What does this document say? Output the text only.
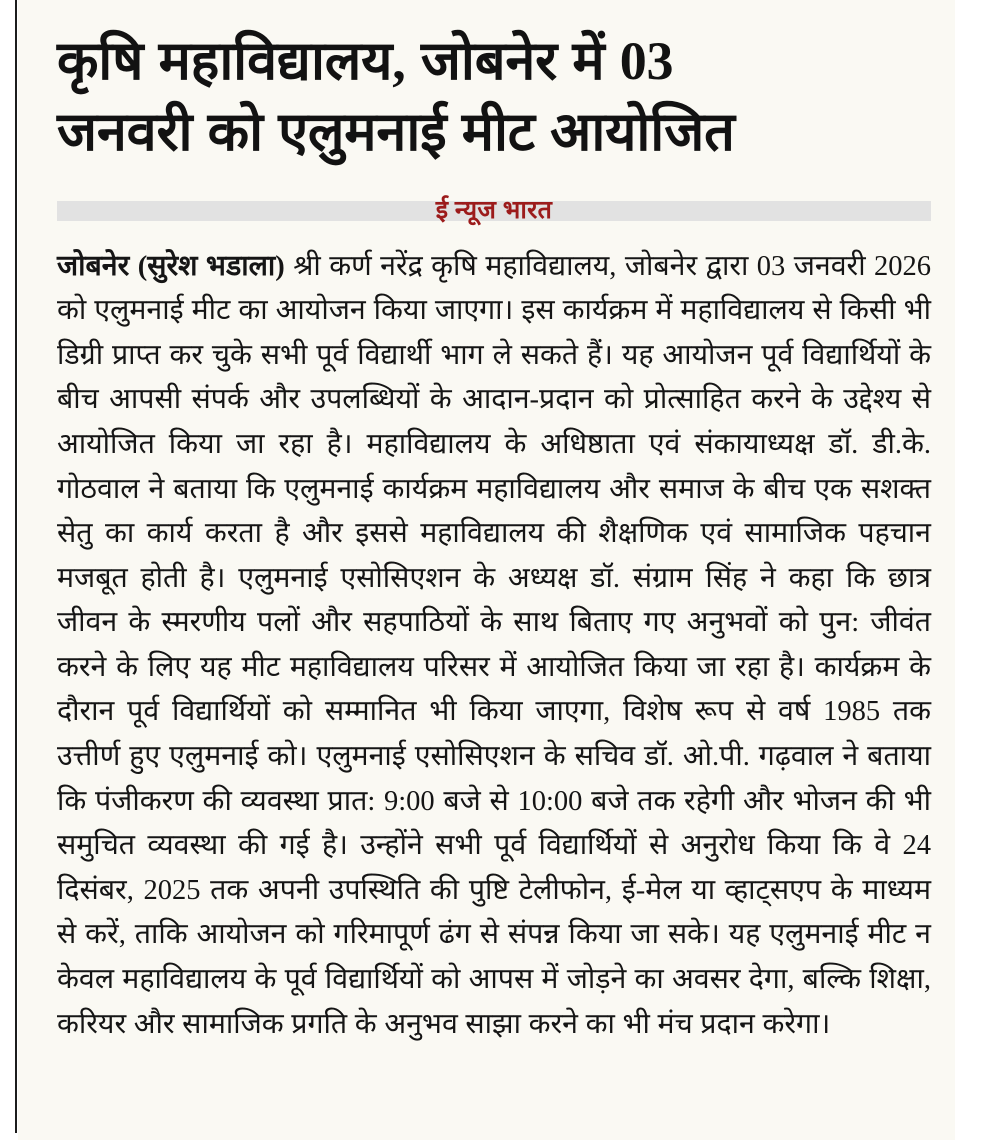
कृषि महाविद्यालय, जोबनेर में 03
जनवरी को एलुमनाई मीट आयोजित
ई न्यूज भारत

जोबनेर (सुरेश भडाला) श्री कर्ण नरेंद्र कृषि महाविद्यालय, जोबनेर द्वारा 03 जनवरी 2026 को एलुमनाई मीट का आयोजन किया जाएगा। इस कार्यक्रम में महाविद्यालय से किसी भी डिग्री प्राप्त कर चुके सभी पूर्व विद्यार्थी भाग ले सकते हैं। यह आयोजन पूर्व विद्यार्थियों के बीच आपसी संपर्क और उपलब्धियों के आदान-प्रदान को प्रोत्साहित करने के उद्देश्य से आयोजित किया जा रहा है। महाविद्यालय के अधिष्ठाता एवं संकायाध्यक्ष डॉ. डी.के. गोठवाल ने बताया कि एलुमनाई कार्यक्रम महाविद्यालय और समाज के बीच एक सशक्त सेतु का कार्य करता है और इससे महाविद्यालय की शैक्षणिक एवं सामाजिक पहचान मजबूत होती है। एलुमनाई एसोसिएशन के अध्यक्ष डॉ. संग्राम सिंह ने कहा कि छात्र जीवन के स्मरणीय पलों और सहपाठियों के साथ बिताए गए अनुभवों को पुन: जीवंत करने के लिए यह मीट महाविद्यालय परिसर में आयोजित किया जा रहा है। कार्यक्रम के दौरान पूर्व विद्यार्थियों को सम्मानित भी किया जाएगा, विशेष रूप से वर्ष 1985 तक उत्तीर्ण हुए एलुमनाई को। एलुमनाई एसोसिएशन के सचिव डॉ. ओ.पी. गढ़वाल ने बताया कि पंजीकरण की व्यवस्था प्रात: 9:00 बजे से 10:00 बजे तक रहेगी और भोजन की भी समुचित व्यवस्था की गई है। उन्होंने सभी पूर्व विद्यार्थियों से अनुरोध किया कि वे 24 दिसंबर, 2025 तक अपनी उपस्थिति की पुष्टि टेलीफोन, ई-मेल या व्हाट्सएप के माध्यम से करें, ताकि आयोजन को गरिमापूर्ण ढंग से संपन्न किया जा सके। यह एलुमनाई मीट न केवल महाविद्यालय के पूर्व विद्यार्थियों को आपस में जोड़ने का अवसर देगा, बल्कि शिक्षा, करियर और सामाजिक प्रगति के अनुभव साझा करने का भी मंच प्रदान करेगा।
